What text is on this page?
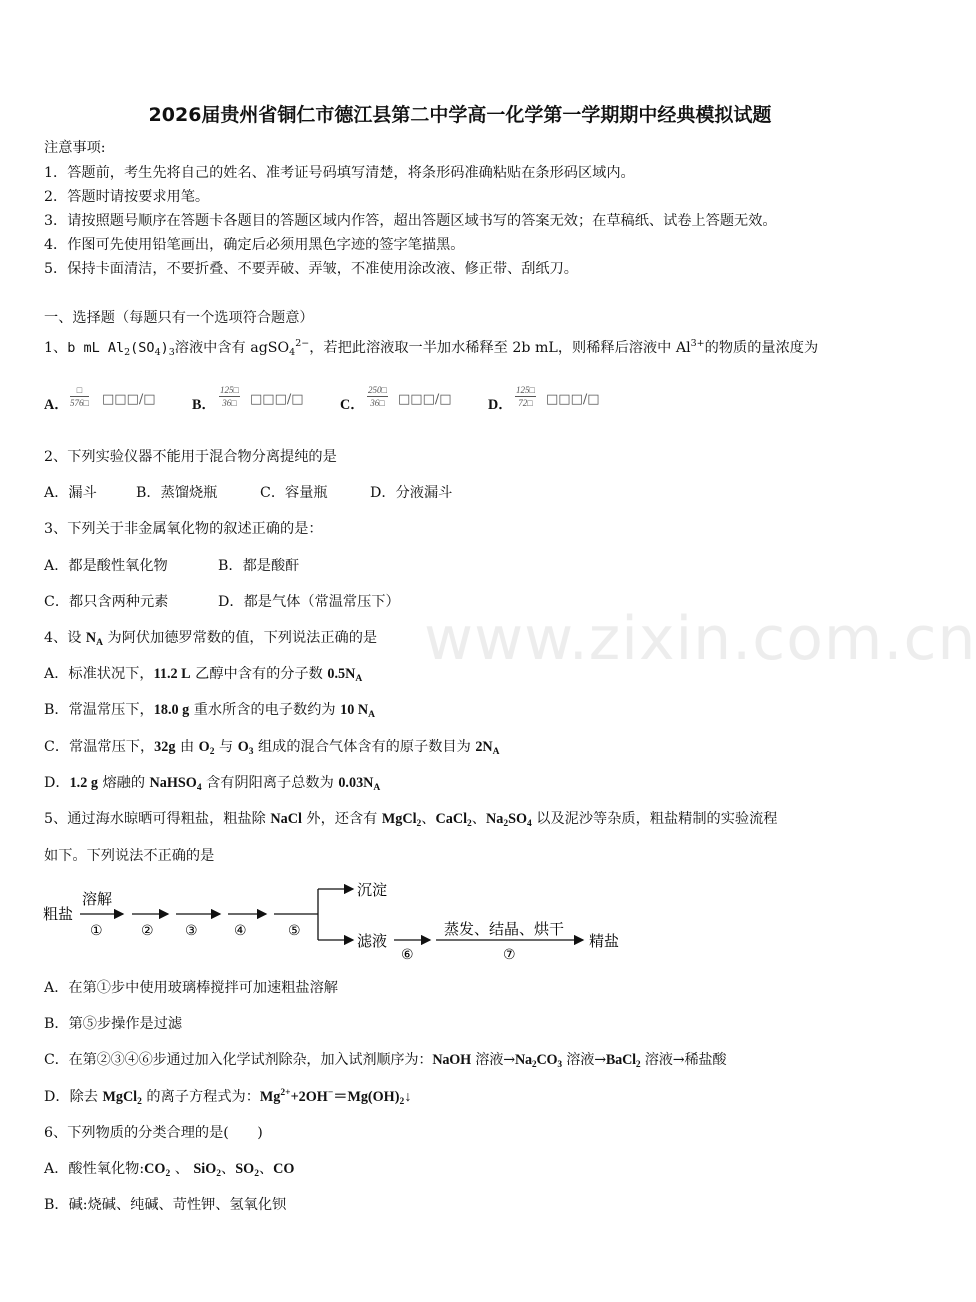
www.zixin.com.cn
2026届贵州省铜仁市德江县第二中学高一化学第一学期期中经典模拟试题
注意事项:
1．答题前，考生先将自己的姓名、准考证号码填写清楚，将条形码准确粘贴在条形码区域内。
2．答题时请按要求用笔。
3．请按照题号顺序在答题卡各题目的答题区域内作答，超出答题区域书写的答案无效；在草稿纸、试卷上答题无效。
4．作图可先使用铅笔画出，确定后必须用黑色字迹的签字笔描黑。
5．保持卡面清洁，不要折叠、不要弄破、弄皱，不准使用涂改液、修正带、刮纸刀。
一、选择题（每题只有一个选项符合题意）
1、b mL $Al_2(SO_4)_3$溶液中含有 agSO$_4^{2-}$，若把此溶液取一半加水稀释至 2b mL，则稀释后溶液中 $Al^{3+}$的物质的量浓度为
A．
□
576□ □□□/□	B． $\frac{125□}{36□}$ □□□/□	C． $\frac{250□}{36□}$ □□□/□	D． $\frac{125□}{72□}$ □□□/□
2、下列实验仪器不能用于混合物分离提纯的是
A．漏斗	B．蒸馏烧瓶	C．容量瓶	D．分液漏斗
3、下列关于非金属氧化物的叙述正确的是：
A．都是酸性氧化物	B．都是酸酐
C．都只含两种元素	D．都是气体（常温常压下）
4、设 $N_A$ 为阿伏加德罗常数的值，下列说法正确的是
A．标准状况下，11.2 L 乙醇中含有的分子数 $0.5N_A$
B．常温常压下，18.0 g 重水所含的电子数约为 10 $N_A$
C．常温常压下，32g 由 $O_2$ 与 $O_3$ 组成的混合气体含有的原子数目为 $2N_A$
D．1.2 g 熔融的 NaHSO$_4$ 含有阴阳离子总数为 $0.03N_A$
5、通过海水晾晒可得粗盐，粗盐除 NaCl 外，还含有 MgCl$_2$、CaCl$_2$、$Na_2SO_4$ 以及泥沙等杂质，粗盐精制的实验流程
如下。下列说法不正确的是
粗盐
溶解
①	② ③	④	⑤
沉淀
滤液
⑥
蒸发、结晶、烘干
⑦
精盐
A．在第①步中使用玻璃棒搅拌可加速粗盐溶解
B．第⑤步操作是过滤
C．在第②③④⑥步通过加入化学试剂除杂，加入试剂顺序为：NaOH 溶液$\to Na_2CO_3$ 溶液→BaCl$_2$ 溶液→稀盐酸
D．除去 MgCl$_2$ 的离子方程式为：$Mg^{2+}+2OH^-=Mg(OH)_2↓$
6、下列物质的分类合理的是(　　)
A．酸性氧化物$:CO_2$ 、 SiO$_2$、$SO_2$、CO
B．碱:烧碱、纯碱、苛性钾、氢氧化钡
